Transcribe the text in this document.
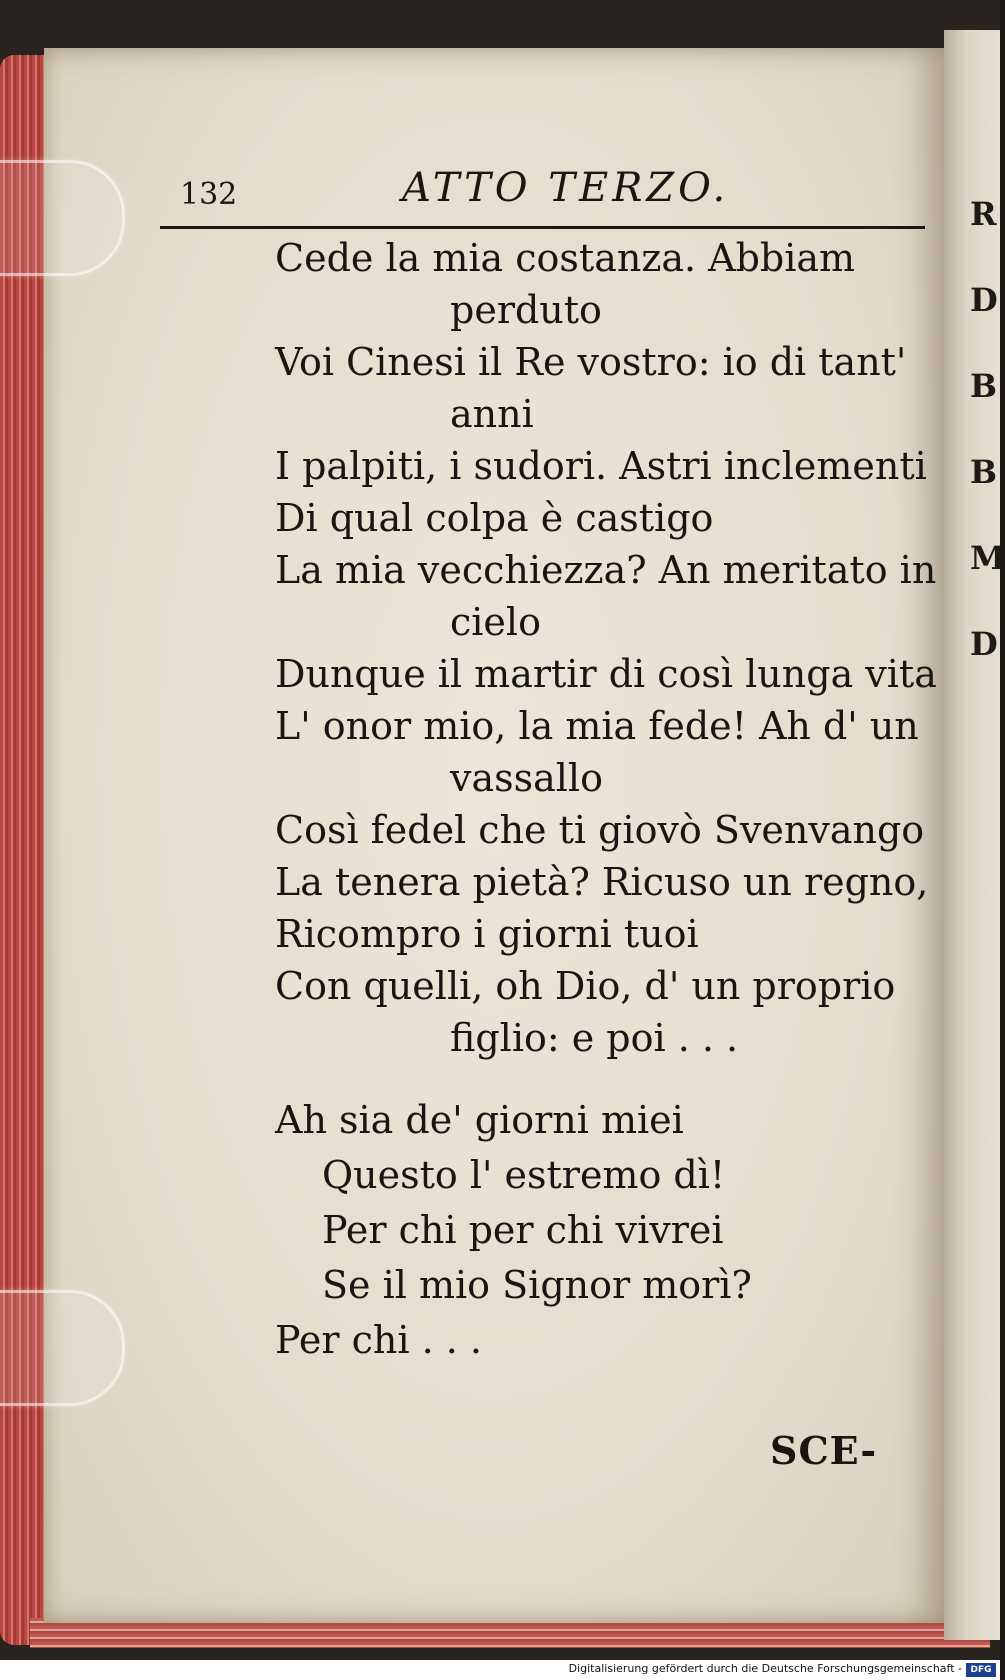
R
D
B
B
M
D
132	ATTO TERZO.
Cede la mia costanza. Abbiam
perduto
Voi Cinesi il Re vostro: io di tant'
anni
I palpiti, i sudori. Astri inclementi
Di qual colpa è castigo
La mia vecchiezza? An meritato in
cielo
Dunque il martir di così lunga vita
L' onor mio, la mia fede! Ah d' un
vassallo
Così fedel che ti giovò Svenvango
La tenera pietà? Ricuso un regno,
Ricompro i giorni tuoi
Con quelli, oh Dio, d' un proprio
figlio: e poi . . .
Ah sia de' giorni miei
Questo l' estremo dì!
Per chi per chi vivrei
Se il mio Signor morì?
Per chi . . .
SCE-
Digitalisierung gefördert durch die Deutsche Forschungsgemeinschaft - DFG
